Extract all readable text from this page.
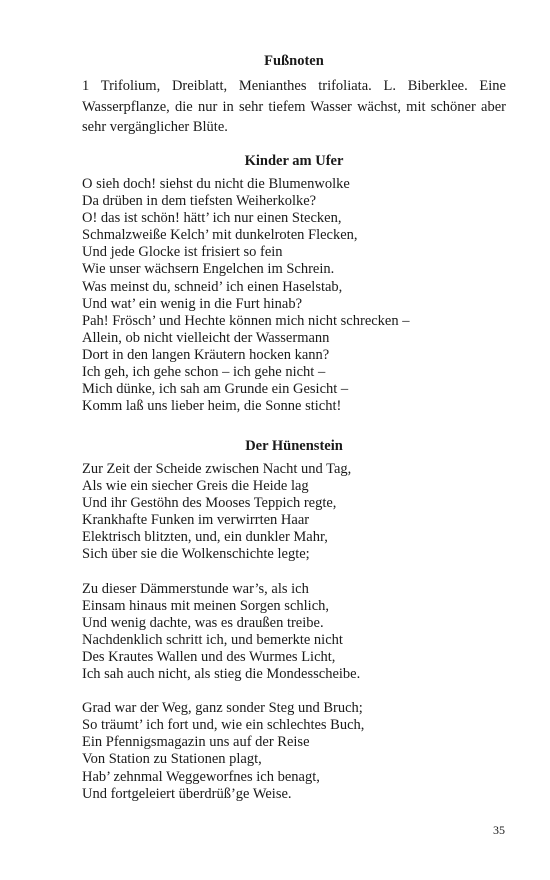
Fußnoten

1 Trifolium, Dreiblatt, Menianthes trifoliata. L. Biberklee. Eine Wasserpflanze, die nur in sehr tiefem Wasser wächst, mit schöner aber sehr vergänglicher Blüte.

Kinder am Ufer
O sieh doch! siehst du nicht die Blumenwolke
Da drüben in dem tiefsten Weiherkolke?
O! das ist schön! hätt’ ich nur einen Stecken,
Schmalzweiße Kelch’ mit dunkelroten Flecken,
Und jede Glocke ist frisiert so fein
Wie unser wächsern Engelchen im Schrein.
Was meinst du, schneid’ ich einen Haselstab,
Und wat’ ein wenig in die Furt hinab?
Pah! Frösch’ und Hechte können mich nicht schrecken –
Allein, ob nicht vielleicht der Wassermann
Dort in den langen Kräutern hocken kann?
Ich geh, ich gehe schon – ich gehe nicht –
Mich dünke, ich sah am Grunde ein Gesicht –
Komm laß uns lieber heim, die Sonne sticht!
Der Hünenstein
Zur Zeit der Scheide zwischen Nacht und Tag,
Als wie ein siecher Greis die Heide lag
Und ihr Gestöhn des Mooses Teppich regte,
Krankhafte Funken im verwirrten Haar
Elektrisch blitzten, und, ein dunkler Mahr,
Sich über sie die Wolkenschichte legte;
Zu dieser Dämmerstunde war’s, als ich
Einsam hinaus mit meinen Sorgen schlich,
Und wenig dachte, was es draußen treibe.
Nachdenklich schritt ich, und bemerkte nicht
Des Krautes Wallen und des Wurmes Licht,
Ich sah auch nicht, als stieg die Mondesscheibe.
Grad war der Weg, ganz sonder Steg und Bruch;
So träumt’ ich fort und, wie ein schlechtes Buch,
Ein Pfennigsmagazin uns auf der Reise
Von Station zu Stationen plagt,
Hab’ zehnmal Weggeworfnes ich benagt,
Und fortgeleiert überdrüß’ge Weise.
35
